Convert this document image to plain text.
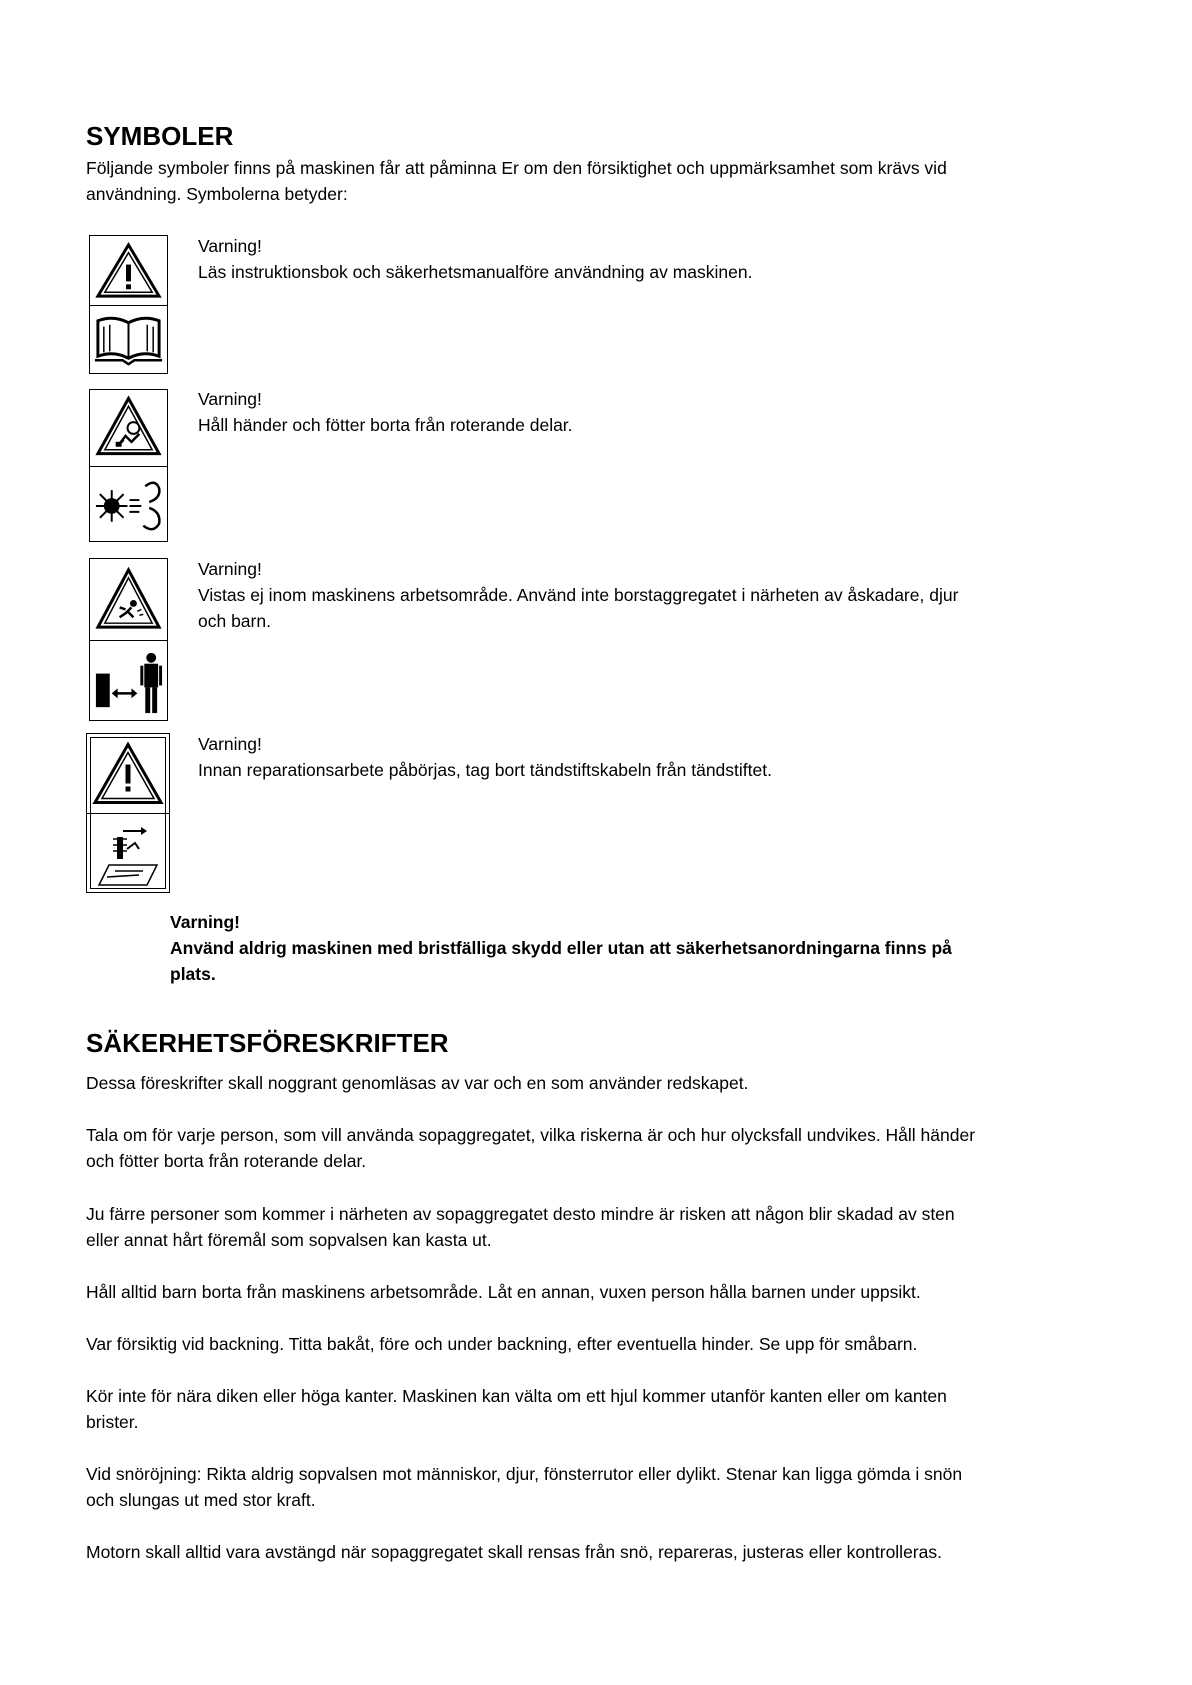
SYMBOLER

Följande symboler finns på maskinen får att påminna Er om den försiktighet och uppmärksamhet som krävs vid
användning. Symbolerna betyder:

Varning!
Läs instruktionsbok och säkerhetsmanualföre användning av maskinen.
Varning!
Håll händer och fötter borta från roterande delar.
Varning!
Vistas ej inom maskinens arbetsområde. Använd inte borstaggregatet i närheten av åskadare, djur
och barn.
Varning!
Innan reparationsarbete påbörjas, tag bort tändstiftskabeln från tändstiftet.
Varning!
Använd aldrig maskinen med bristfälliga skydd eller utan att säkerhetsanordningarna finns på
plats.
SÄKERHETSFÖRESKRIFTER

Dessa föreskrifter skall noggrant genomläsas av var och en som använder redskapet.

Tala om för varje person, som vill använda sopaggregatet, vilka riskerna är och hur olycksfall undvikes. Håll händer
och fötter borta från roterande delar.

Ju färre personer som kommer i närheten av sopaggregatet desto mindre är risken att någon blir skadad av sten
eller annat hårt föremål som sopvalsen kan kasta ut.

Håll alltid barn borta från maskinens arbetsområde. Låt en annan, vuxen person hålla barnen under uppsikt.

Var försiktig vid backning. Titta bakåt, före och under backning, efter eventuella hinder. Se upp för småbarn.

Kör inte för nära diken eller höga kanter. Maskinen kan välta om ett hjul kommer utanför kanten eller om kanten
brister.

Vid snöröjning: Rikta aldrig sopvalsen mot människor, djur, fönsterrutor eller dylikt. Stenar kan ligga gömda i snön
och slungas ut med stor kraft.

Motorn skall alltid vara avstängd när sopaggregatet skall rensas från snö, repareras, justeras eller kontrolleras.
